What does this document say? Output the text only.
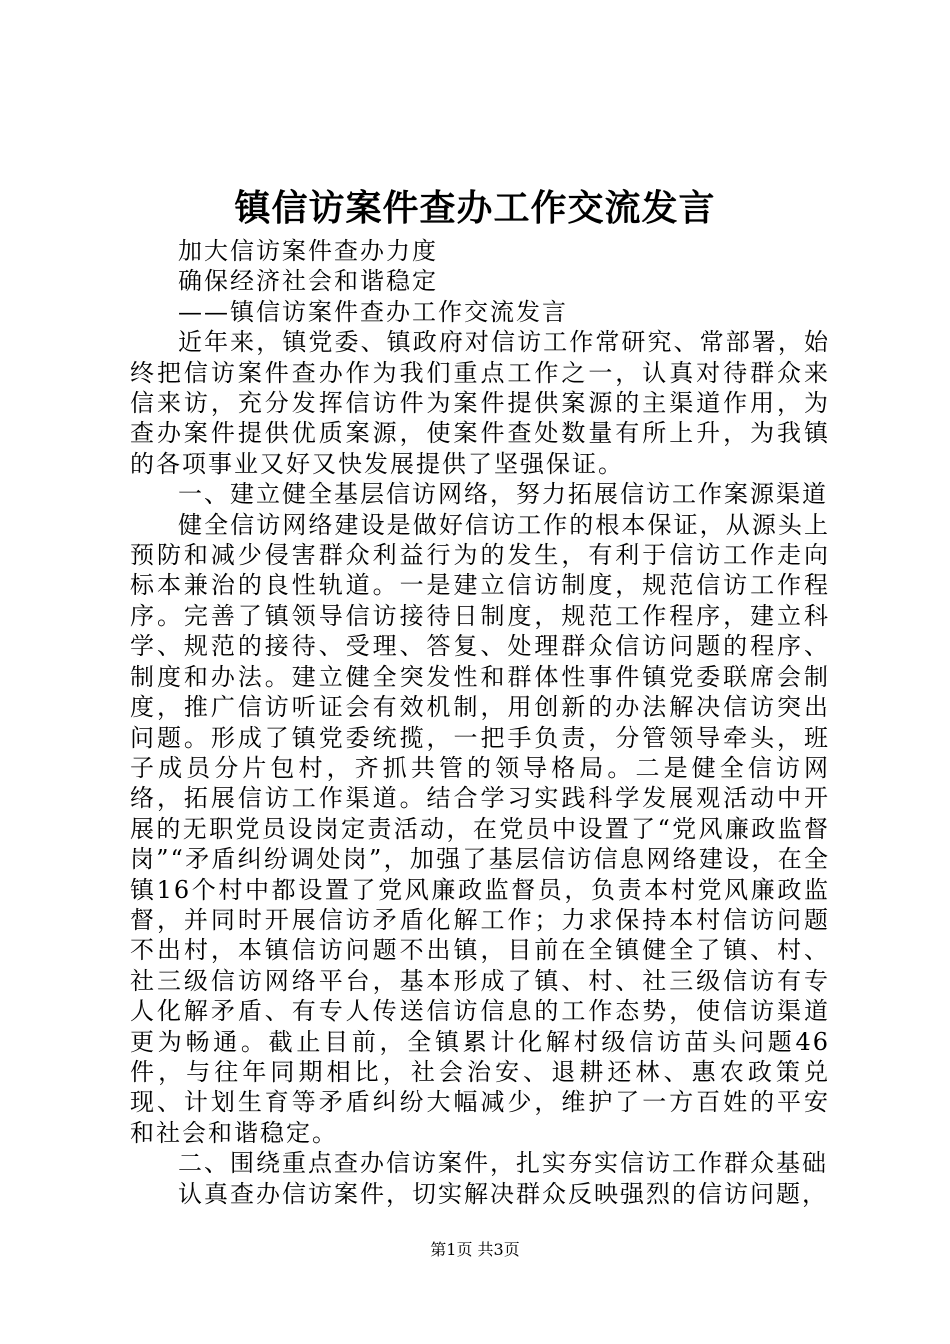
镇信访案件查办工作交流发言

加大信访案件查办力度

确保经济社会和谐稳定

——镇信访案件查办工作交流发言

近年来，镇党委、镇政府对信访工作常研究、常部署，始终把信访案件查办作为我们重点工作之一，认真对待群众来信来访，充分发挥信访件为案件提供案源的主渠道作用，为查办案件提供优质案源，使案件查处数量有所上升，为我镇的各项事业又好又快发展提供了坚强保证。

一、建立健全基层信访网络，努力拓展信访工作案源渠道

健全信访网络建设是做好信访工作的根本保证，从源头上预防和减少侵害群众利益行为的发生，有利于信访工作走向标本兼治的良性轨道。一是建立信访制度，规范信访工作程序。完善了镇领导信访接待日制度，规范工作程序，建立科学、规范的接待、受理、答复、处理群众信访问题的程序、制度和办法。建立健全突发性和群体性事件镇党委联席会制度，推广信访听证会有效机制，用创新的办法解决信访突出问题。形成了镇党委统揽，一把手负责，分管领导牵头，班子成员分片包村，齐抓共管的领导格局。二是健全信访网络，拓展信访工作渠道。结合学习实践科学发展观活动中开展的无职党员设岗定责活动，在党员中设置了“党风廉政监督岗”“矛盾纠纷调处岗”，加强了基层信访信息网络建设，在全镇16个村中都设置了党风廉政监督员，负责本村党风廉政监督，并同时开展信访矛盾化解工作；力求保持本村信访问题不出村，本镇信访问题不出镇，目前在全镇健全了镇、村、社三级信访网络平台，基本形成了镇、村、社三级信访有专人化解矛盾、有专人传送信访信息的工作态势，使信访渠道更为畅通。截止目前，全镇累计化解村级信访苗头问题46件，与往年同期相比，社会治安、退耕还林、惠农政策兑现、计划生育等矛盾纠纷大幅减少，维护了一方百姓的平安和社会和谐稳定。

二、围绕重点查办信访案件，扎实夯实信访工作群众基础

认真查办信访案件，切实解决群众反映强烈的信访问题，

第1页 共3页
